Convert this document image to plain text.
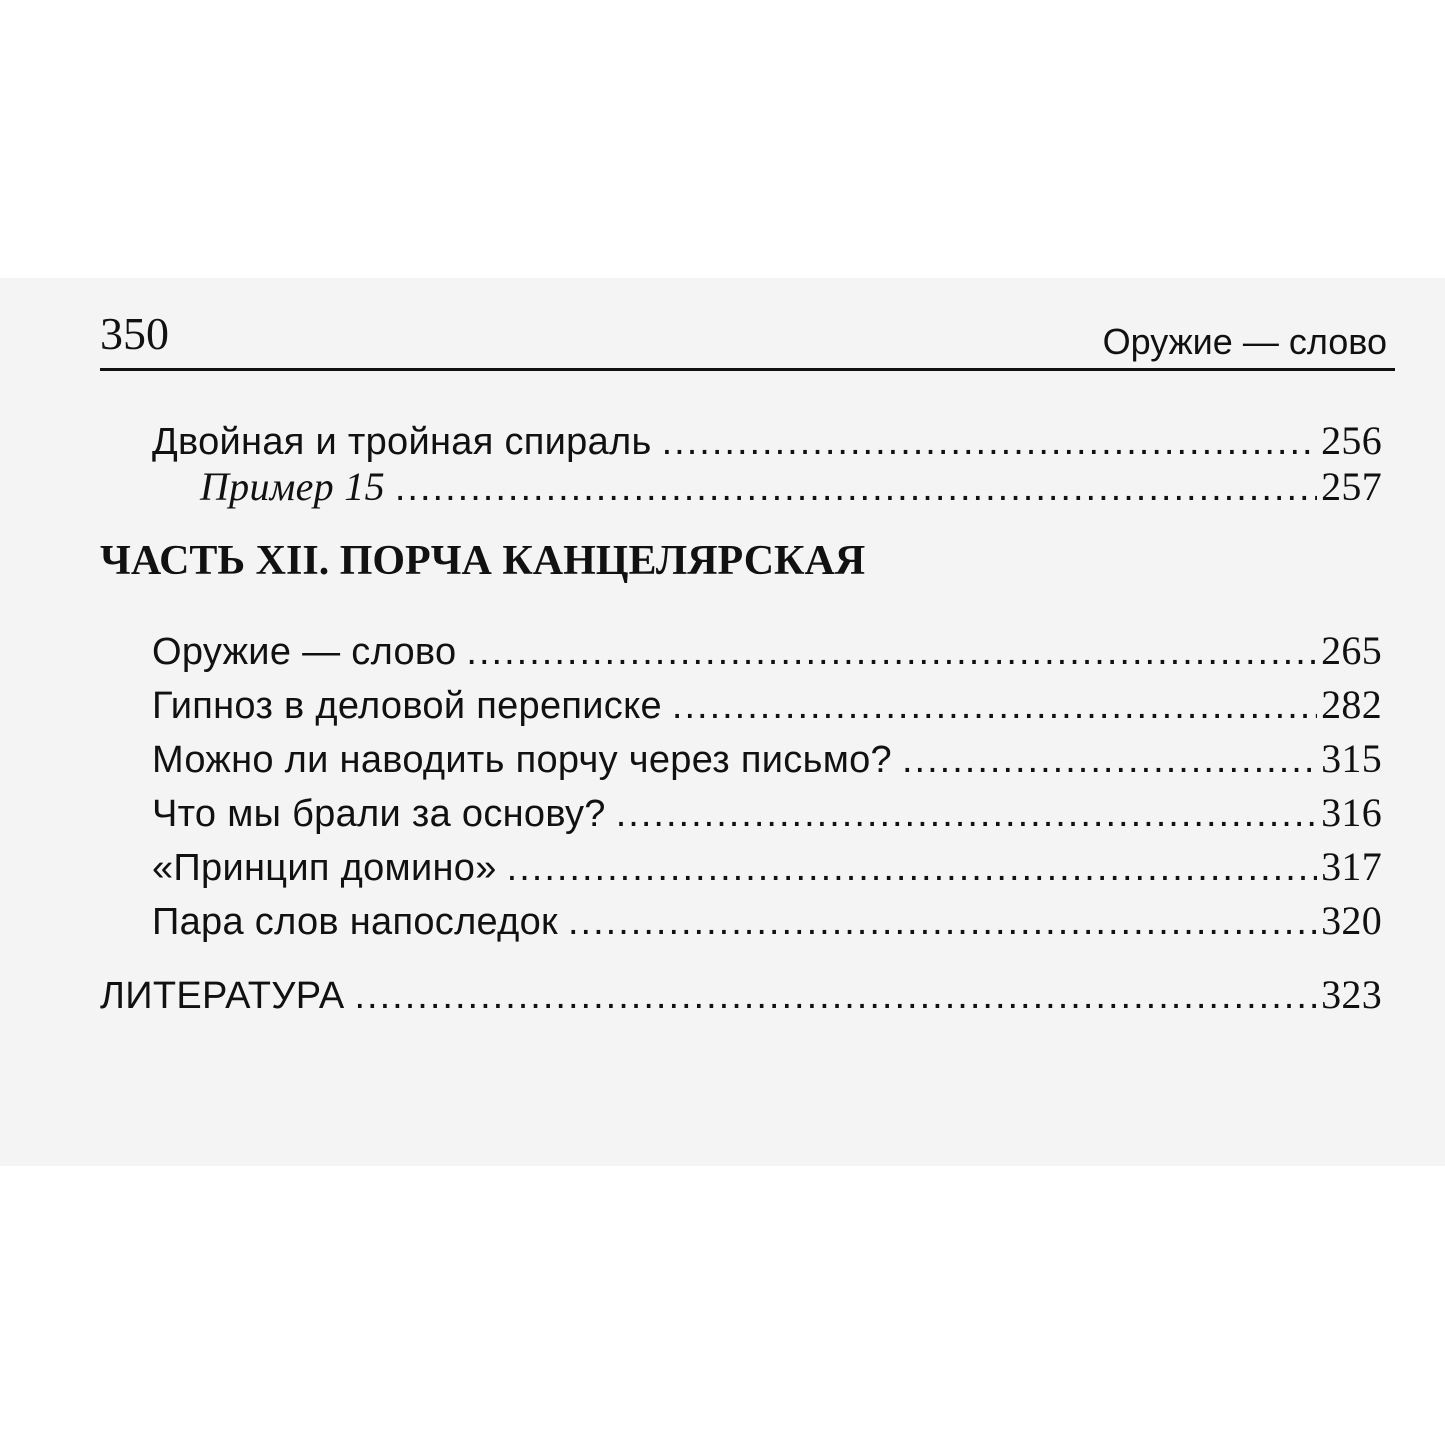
350	Оружие — слово
Двойная и тройная спираль .....	256
Пример 15 .....	257
ЧАСТЬ XII. ПОРЧА КАНЦЕЛЯРСКАЯ
Оружие — слово .....	265
Гипноз в деловой переписке .....	282
Можно ли наводить порчу через письмо? .....	315
Что мы брали за основу? .....	316
«Принцип домино» .....	317
Пара слов напоследок .....	320
ЛИТЕРАТУРА .....	323
